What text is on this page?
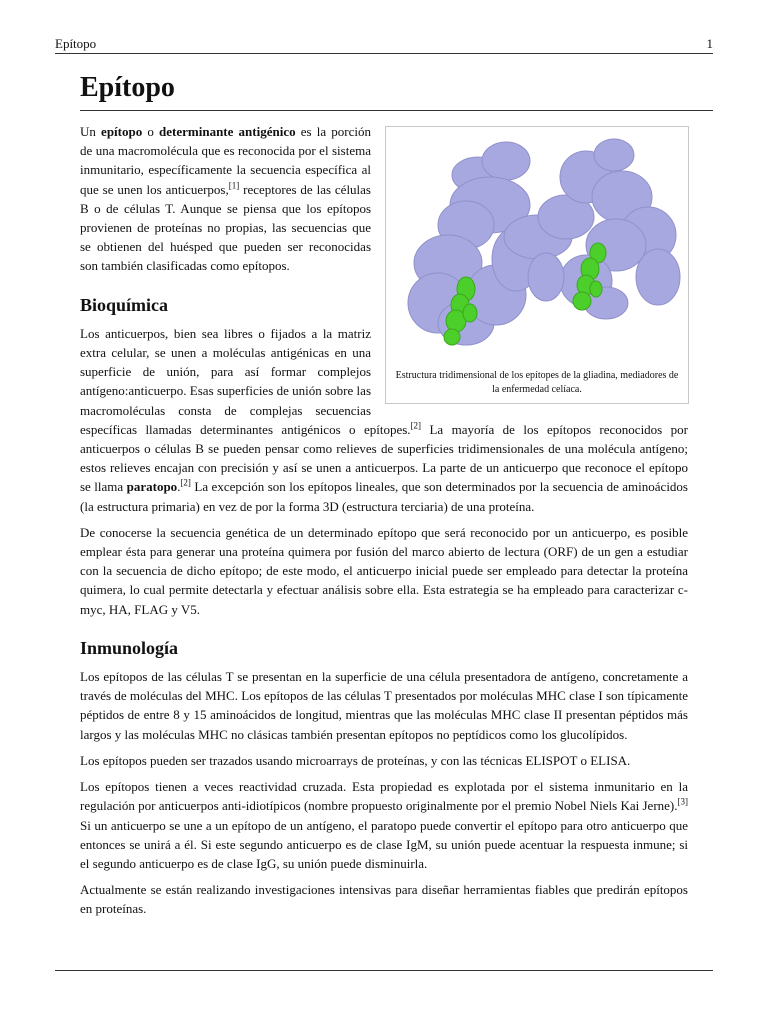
Epítopo	1
Epítopo
Estructura tridimensional de los epítopes de la gliadina, mediadores de la enfermedad celíaca.

Un epítopo o determinante antigénico es la porción de una macromolécula que es reconocida por el sistema inmunitario, específicamente la secuencia específica al que se unen los anticuerpos,[1] receptores de las células B o de células T. Aunque se piensa que los epítopos provienen de proteínas no propias, las secuencias que se obtienen del huésped que pueden ser reconocidas son también clasificadas como epítopos.

Bioquímica

Los anticuerpos, bien sea libres o fijados a la matriz extra celular, se unen a moléculas antigénicas en una superficie de unión, para así formar complejos antígeno:anticuerpo. Esas superficies de unión sobre las macromoléculas consta de complejas secuencias específicas llamadas determinantes antigénicos o epítopes.[2] La mayoría de los epítopos reconocidos por anticuerpos o células B se pueden pensar como relieves de superficies tridimensionales de una molécula antígeno; estos relieves encajan con precisión y así se unen a anticuerpos. La parte de un anticuerpo que reconoce el epítopo se llama paratopo.[2] La excepción son los epítopos lineales, que son determinados por la secuencia de aminoácidos (la estructura primaria) en vez de por la forma 3D (estructura terciaria) de una proteína.

De conocerse la secuencia genética de un determinado epítopo que será reconocido por un anticuerpo, es posible emplear ésta para generar una proteína quimera por fusión del marco abierto de lectura (ORF) de un gen a estudiar con la secuencia de dicho epítopo; de este modo, el anticuerpo inicial puede ser empleado para detectar la proteína quimera, lo cual permite detectarla y efectuar análisis sobre ella. Esta estrategia se ha empleado para caracterizar c-myc, HA, FLAG y V5.

Inmunología

Los epítopos de las células T se presentan en la superficie de una célula presentadora de antígeno, concretamente a través de moléculas del MHC. Los epítopos de las células T presentados por moléculas MHC clase I son típicamente péptidos de entre 8 y 15 aminoácidos de longitud, mientras que las moléculas MHC clase II presentan péptidos más largos y las moléculas MHC no clásicas también presentan epítopos no peptídicos como los glucolípidos.

Los epítopos pueden ser trazados usando microarrays de proteínas, y con las técnicas ELISPOT o ELISA.

Los epítopos tienen a veces reactividad cruzada. Esta propiedad es explotada por el sistema inmunitario en la regulación por anticuerpos anti-idiotípicos (nombre propuesto originalmente por el premio Nobel Niels Kai Jerne).[3] Si un anticuerpo se une a un epítopo de un antígeno, el paratopo puede convertir el epítopo para otro anticuerpo que entonces se unirá a él. Si este segundo anticuerpo es de clase IgM, su unión puede acentuar la respuesta inmune; si el segundo anticuerpo es de clase IgG, su unión puede disminuirla.

Actualmente se están realizando investigaciones intensivas para diseñar herramientas fiables que predirán epítopos en proteínas.
